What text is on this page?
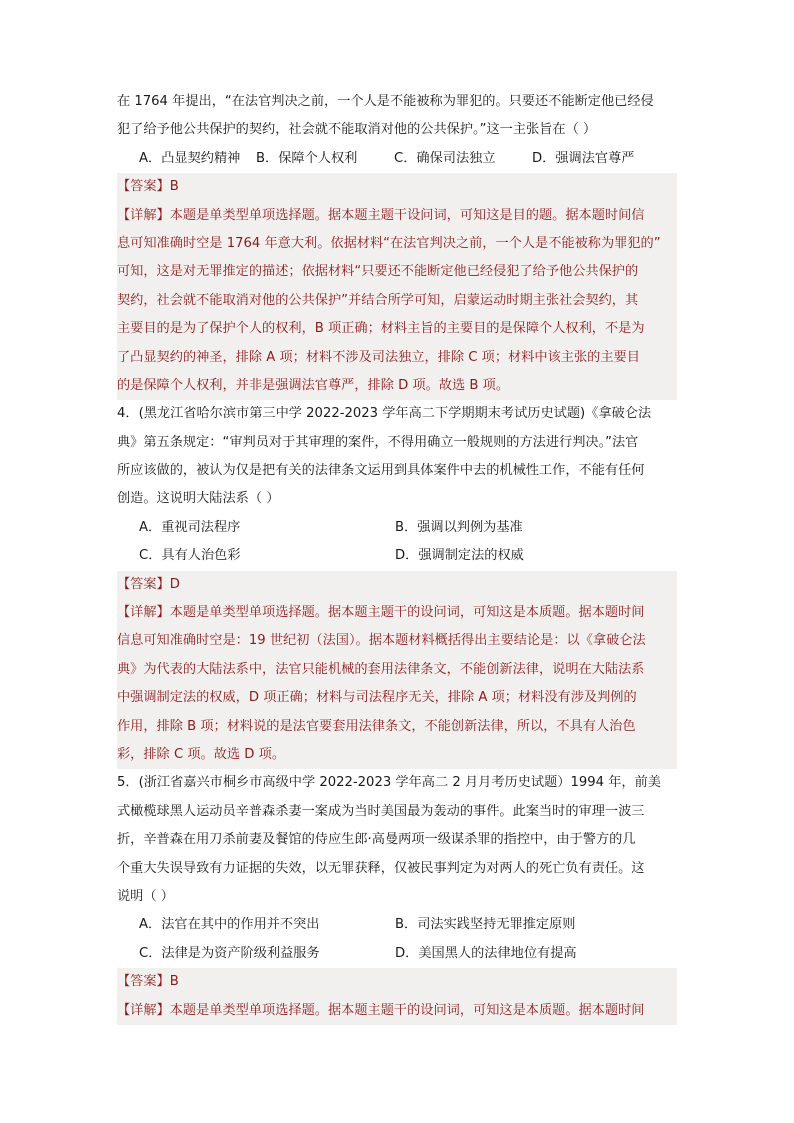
在 1764 年提出，“在法官判决之前，一个人是不能被称为罪犯的。只要还不能断定他已经侵
犯了给予他公共保护的契约，社会就不能取消对他的公共保护。”这一主张旨在（ ）
A．凸显契约精神 B．保障个人权利	C．确保司法独立	D．强调法官尊严
【答案】B
【详解】本题是单类型单项选择题。据本题主题干设问词，可知这是目的题。据本题时间信
息可知准确时空是 1764 年意大利。依据材料“在法官判决之前，一个人是不能被称为罪犯的”
可知，这是对无罪推定的描述；依据材料“只要还不能断定他已经侵犯了给予他公共保护的
契约，社会就不能取消对他的公共保护”并结合所学可知，启蒙运动时期主张社会契约，其
主要目的是为了保护个人的权利，B 项正确；材料主旨的主要目的是保障个人权利，不是为
了凸显契约的神圣，排除 A 项；材料不涉及司法独立，排除 C 项；材料中该主张的主要目
的是保障个人权利，并非是强调法官尊严，排除 D 项。故选 B 项。
4．(黑龙江省哈尔滨市第三中学 2022-2023 学年高二下学期期末考试历史试题)《拿破仑法
典》第五条规定：“审判员对于其审理的案件，不得用确立一般规则的方法进行判决。”法官
所应该做的，被认为仅是把有关的法律条文运用到具体案件中去的机械性工作，不能有任何
创造。这说明大陆法系（ ）
A．重视司法程序	B．强调以判例为基准
C．具有人治色彩	D．强调制定法的权威
【答案】D
【详解】本题是单类型单项选择题。据本题主题干的设问词，可知这是本质题。据本题时间
信息可知准确时空是：19 世纪初（法国）。据本题材料概括得出主要结论是：以《拿破仑法
典》为代表的大陆法系中，法官只能机械的套用法律条文，不能创新法律，说明在大陆法系
中强调制定法的权威，D 项正确；材料与司法程序无关，排除 A 项；材料没有涉及判例的
作用，排除 B 项；材料说的是法官要套用法律条文，不能创新法律，所以，不具有人治色
彩，排除 C 项。故选 D 项。
5．(浙江省嘉兴市桐乡市高级中学 2022-2023 学年高二 2 月月考历史试题）1994 年，前美
式橄榄球黑人运动员辛普森杀妻一案成为当时美国最为轰动的事件。此案当时的审理一波三
折，辛普森在用刀杀前妻及餐馆的侍应生郎·高曼两项一级谋杀罪的指控中，由于警方的几
个重大失误导致有力证据的失效，以无罪获释，仅被民事判定为对两人的死亡负有责任。这
说明（ ）
A．法官在其中的作用并不突出	B．司法实践坚持无罪推定原则
C．法律是为资产阶级利益服务	D．美国黑人的法律地位有提高
【答案】B
【详解】本题是单类型单项选择题。据本题主题干的设问词，可知这是本质题。据本题时间
